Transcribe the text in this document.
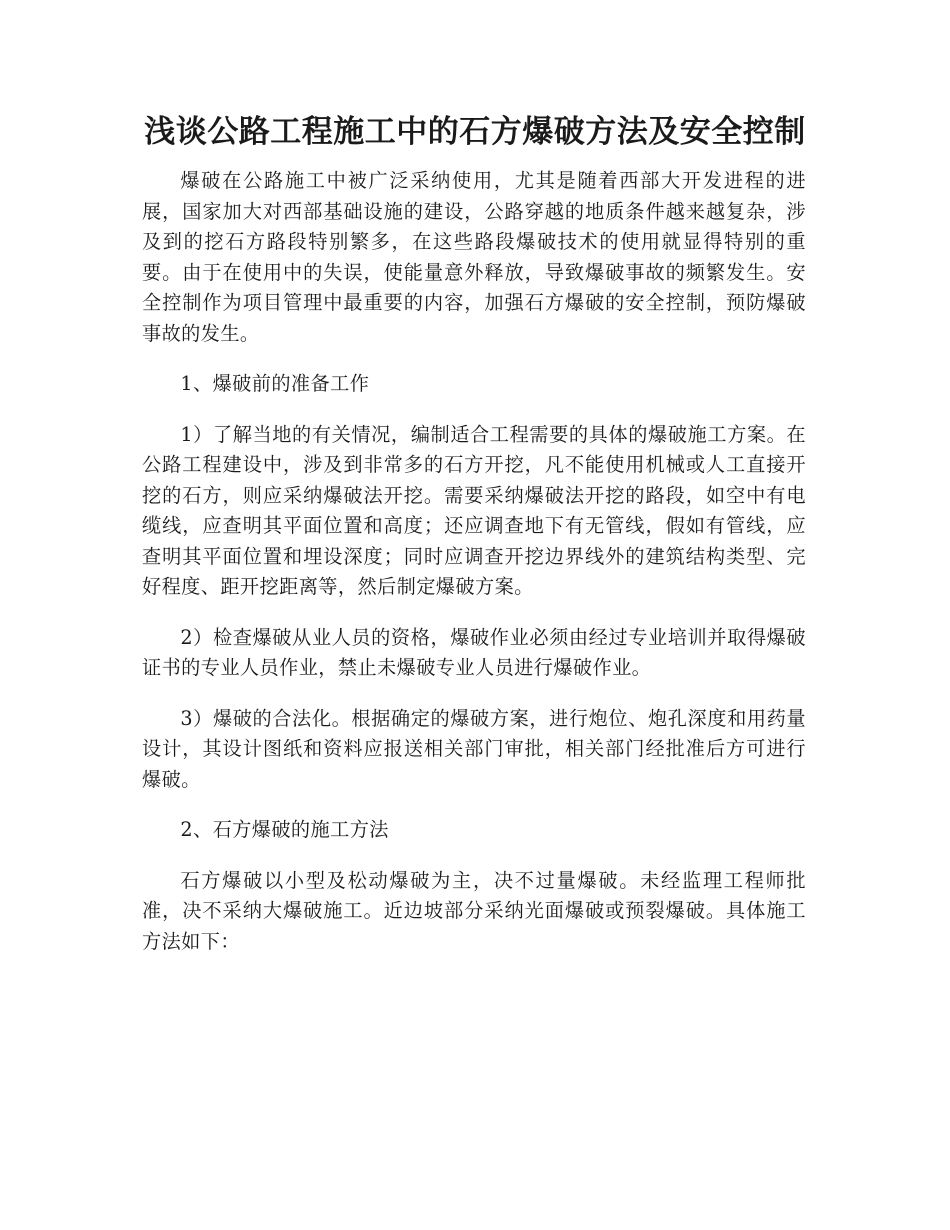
浅谈公路工程施工中的石方爆破方法及安全控制

爆破在公路施工中被广泛采纳使用，尤其是随着西部大开发进程的进展，国家加大对西部基础设施的建设，公路穿越的地质条件越来越复杂，涉及到的挖石方路段特别繁多，在这些路段爆破技术的使用就显得特别的重要。由于在使用中的失误，使能量意外释放，导致爆破事故的频繁发生。安全控制作为项目管理中最重要的内容，加强石方爆破的安全控制，预防爆破事故的发生。

1、爆破前的准备工作

1）了解当地的有关情况，编制适合工程需要的具体的爆破施工方案。在公路工程建设中，涉及到非常多的石方开挖，凡不能使用机械或人工直接开挖的石方，则应采纳爆破法开挖。需要采纳爆破法开挖的路段，如空中有电缆线，应查明其平面位置和高度；还应调查地下有无管线，假如有管线，应查明其平面位置和埋设深度；同时应调查开挖边界线外的建筑结构类型、完好程度、距开挖距离等，然后制定爆破方案。

2）检查爆破从业人员的资格，爆破作业必须由经过专业培训并取得爆破证书的专业人员作业，禁止未爆破专业人员进行爆破作业。

3）爆破的合法化。根据确定的爆破方案，进行炮位、炮孔深度和用药量设计，其设计图纸和资料应报送相关部门审批，相关部门经批准后方可进行爆破。

2、石方爆破的施工方法

石方爆破以小型及松动爆破为主，决不过量爆破。未经监理工程师批准，决不采纳大爆破施工。近边坡部分采纳光面爆破或预裂爆破。具体施工方法如下：
